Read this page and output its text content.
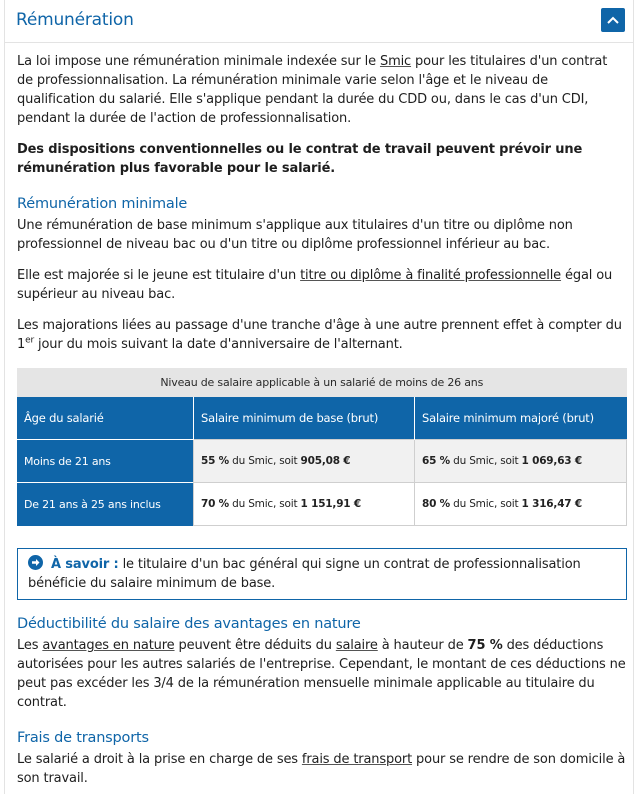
Rémunération

La loi impose une rémunération minimale indexée sur le Smic pour les titulaires d'un contrat de professionnalisation. La rémunération minimale varie selon l'âge et le niveau de qualification du salarié. Elle s'applique pendant la durée du CDD ou, dans le cas d'un CDI, pendant la durée de l'action de professionnalisation.

Des dispositions conventionnelles ou le contrat de travail peuvent prévoir une rémunération plus favorable pour le salarié.

Rémunération minimale

Une rémunération de base minimum s'applique aux titulaires d'un titre ou diplôme non professionnel de niveau bac ou d'un titre ou diplôme professionnel inférieur au bac.

Elle est majorée si le jeune est titulaire d'un titre ou diplôme à finalité professionnelle égal ou supérieur au niveau bac.

Les majorations liées au passage d'une tranche d'âge à une autre prennent effet à compter du 1er jour du mois suivant la date d'anniversaire de l'alternant.

Niveau de salaire applicable à un salarié de moins de 26 ans		
Âge du salarié	Salaire minimum de base (brut)	Salaire minimum majoré (brut)
Moins de 21 ans	55 % du Smic, soit 905,08 €	65 % du Smic, soit 1 069,63 €
De 21 ans à 25 ans inclus	70 % du Smic, soit 1 151,91 €	80 % du Smic, soit 1 316,47 €

À savoir : le titulaire d'un bac général qui signe un contrat de professionnalisation bénéficie du salaire minimum de base.

Déductibilité du salaire des avantages en nature

Les avantages en nature peuvent être déduits du salaire à hauteur de 75 % des déductions autorisées pour les autres salariés de l'entreprise. Cependant, le montant de ces déductions ne peut pas excéder les 3/4 de la rémunération mensuelle minimale applicable au titulaire du contrat.

Frais de transports

Le salarié a droit à la prise en charge de ses frais de transport pour se rendre de son domicile à son travail.
